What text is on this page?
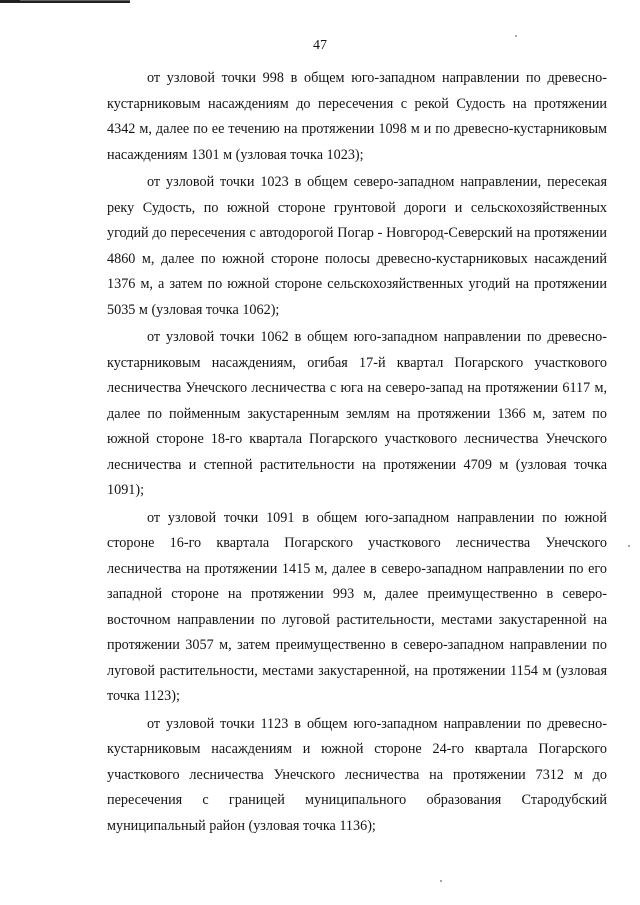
47

от узловой точки 998 в общем юго-западном направлении по древесно-кустарниковым насаждениям до пересечения с рекой Судость на протяжении 4342 м, далее по ее течению на протяжении 1098 м и по древесно-кустарниковым насаждениям 1301 м (узловая точка 1023);

от узловой точки 1023 в общем северо-западном направлении, пересекая реку Судость, по южной стороне грунтовой дороги и сельскохозяйственных угодий до пересечения с автодорогой Погар - Новгород-Северский на протяжении 4860 м, далее по южной стороне полосы древесно-кустарниковых насаждений 1376 м, а затем по южной стороне сельскохозяйственных угодий на протяжении 5035 м (узловая точка 1062);

от узловой точки 1062 в общем юго-западном направлении по древесно-кустарниковым насаждениям, огибая 17-й квартал Погарского участкового лесничества Унечского лесничества с юга на северо-запад на протяжении 6117 м, далее по пойменным закустаренным землям на протяжении 1366 м, затем по южной стороне 18-го квартала Погарского участкового лесничества Унечского лесничества и степной растительности на протяжении 4709 м (узловая точка 1091);

от узловой точки 1091 в общем юго-западном направлении по южной стороне 16-го квартала Погарского участкового лесничества Унечского лесничества на протяжении 1415 м, далее в северо-западном направлении по его западной стороне на протяжении 993 м, далее преимущественно в северо-восточном направлении по луговой растительности, местами закустаренной на протяжении 3057 м, затем преимущественно в северо-западном направлении по луговой растительности, местами закустаренной, на протяжении 1154 м (узловая точка 1123);

от узловой точки 1123 в общем юго-западном направлении по древесно-кустарниковым насаждениям и южной стороне 24-го квартала Погарского участкового лесничества Унечского лесничества на протяжении 7312 м до пересечения с границей муниципального образования Стародубский муниципальный район (узловая точка 1136);
